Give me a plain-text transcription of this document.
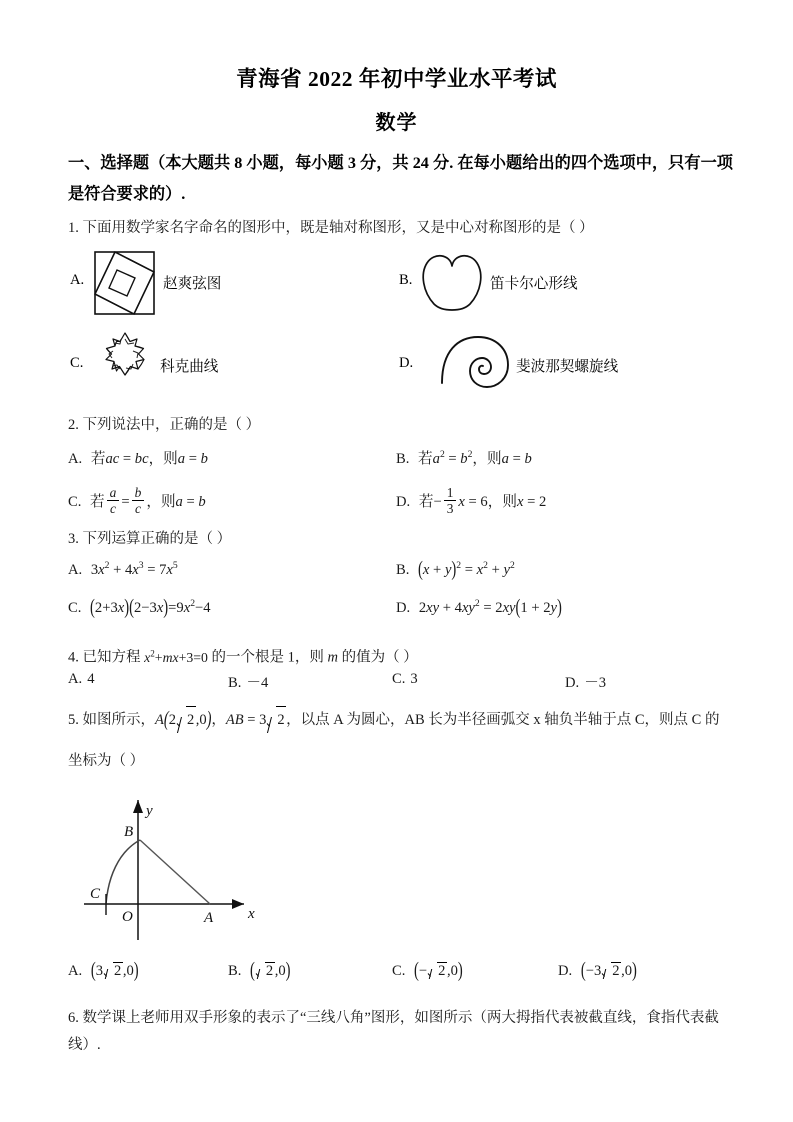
青海省 2022 年初中学业水平考试
数学
一、选择题（本大题共 8 小题，每小题 3 分，共 24 分. 在每小题给出的四个选项中，只有一项是符合要求的）.
1. 下面用数学家名字命名的图形中，既是轴对称图形，又是中心对称图形的是（ ）
A.	赵爽弦图	B.	笛卡尔心形线
C.	科克曲线	D.	斐波那契螺旋线
2. 下列说法中，正确的是（ ）
A. 若ac = bc，则a = b	B. 若$a^2 = b^2$，则a = b
C. 若 $\frac{a}{c} = \frac{b}{c}$ ，则a = b	D. 若− $\frac{1}{3}$ x = 6，则x = 2
3. 下列运算正确的是（ ）
A. $3x^2 + 4x^3 = 7x^5$	B. $(x + y)^2 = x^2 + y^2$
C. $(2+3x)(2-3x)=9x^2-4$	D. $2xy + 4xy^2 = 2xy(1 + 2y)$
4. 已知方程 $x^2+mx+3=0$ 的一个根是 1，则 m 的值为（ ）
A. 4	B. －4	C. 3	D. －3
5. 如图所示，A(2 2 ,0)，AB = 3 2 ，以点 A 为圆心，AB 长为半径画弧交 x 轴负半轴于点 C，则点 C 的
坐标为（ ）
B
C
O	A
y
x
A. (3 2 ,0)	B. ( 2 ,0)	C. (− 2 ,0)	D. (−3 2 ,0)
6. 数学课上老师用双手形象的表示了“三线八角”图形，如图所示（两大拇指代表被截直线，食指代表截线）.
